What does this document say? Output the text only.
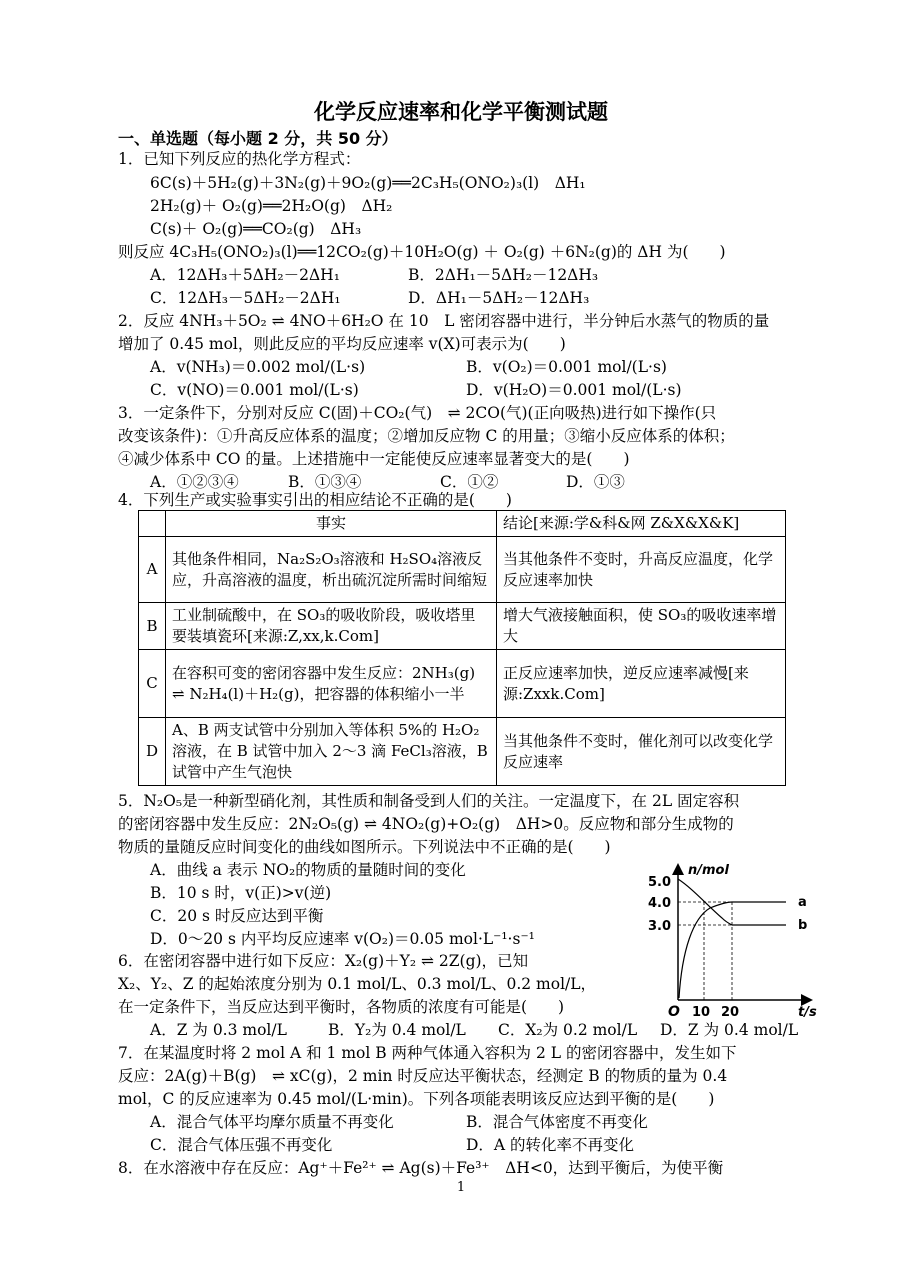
化学反应速率和化学平衡测试题
一、单选题（每小题 2 分，共 50 分）
1．已知下列反应的热化学方程式：
6C(s)＋5H₂(g)＋3N₂(g)＋9O₂(g)══2C₃H₅(ONO₂)₃(l)　ΔH₁
2H₂(g)＋ O₂(g)══2H₂O(g)　ΔH₂
C(s)＋ O₂(g)══CO₂(g)　ΔH₃
则反应 4C₃H₅(ONO₂)₃(l)══12CO₂(g)＋10H₂O(g) ＋ O₂(g) ＋6N₂(g)的 ΔH 为(　　)
A．12ΔH₃＋5ΔH₂－2ΔH₁	B．2ΔH₁－5ΔH₂－12ΔH₃
C．12ΔH₃－5ΔH₂－2ΔH₁	D．ΔH₁－5ΔH₂－12ΔH₃
2．反应 4NH₃＋5O₂ ⇌ 4NO＋6H₂O 在 10　L 密闭容器中进行，半分钟后水蒸气的物质的量
增加了 0.45 mol，则此反应的平均反应速率 v(X)可表示为(　　)
A．v(NH₃)＝0.002 mol/(L·s)	B．v(O₂)＝0.001 mol/(L·s)
C．v(NO)＝0.001 mol/(L·s)	D．v(H₂O)＝0.001 mol/(L·s)
3．一定条件下，分别对反应 C(固)＋CO₂(气)　⇌ 2CO(气)(正向吸热)进行如下操作(只
改变该条件)：①升高反应体系的温度；②增加反应物 C 的用量；③缩小反应体系的体积；
④减少体系中 CO 的量。上述措施中一定能使反应速率显著变大的是(　　)
A．①②③④	B．①③④	C．①②	D．①③
4．下列生产或实验事实引出的相应结论不正确的是(　　)
	事实	结论[来源:学&科&网 Z&X&X&K]
A	其他条件相同，Na₂S₂O₃溶液和 H₂SO₄溶液反应，升高溶液的温度，析出硫沉淀所需时间缩短	当其他条件不变时，升高反应温度，化学反应速率加快
B	工业制硫酸中，在 SO₃的吸收阶段，吸收塔里要装填瓷环[来源:Z,xx,k.Com]	增大气液接触面积，使 SO₃的吸收速率增大
C	在容积可变的密闭容器中发生反应：2NH₃(g) ⇌ N₂H₄(l)＋H₂(g)，把容器的体积缩小一半	正反应速率加快，逆反应速率减慢[来源:Zxxk.Com]
D	A、B 两支试管中分别加入等体积 5%的 H₂O₂溶液，在 B 试管中加入 2～3 滴 FeCl₃溶液，B 试管中产生气泡快	当其他条件不变时，催化剂可以改变化学反应速率
5．N₂O₅是一种新型硝化剂，其性质和制备受到人们的关注。一定温度下，在 2L 固定容积
的密闭容器中发生反应：2N₂O₅(g) ⇌ 4NO₂(g)+O₂(g)　ΔH>0。反应物和部分生成物的
物质的量随反应时间变化的曲线如图所示。下列说法中不正确的是(　　)
A．曲线 a 表示 NO₂的物质的量随时间的变化
B．10 s 时，v(正)>v(逆)
C．20 s 时反应达到平衡
D．0～20 s 内平均反应速率 v(O₂)＝0.05 mol·L⁻¹·s⁻¹
n/mol
t/s
O
5.0
4.0
3.0
10 20
a
b
6．在密闭容器中进行如下反应：X₂(g)＋Y₂ ⇌ 2Z(g)，已知
X₂、Y₂、Z 的起始浓度分别为 0.1 mol/L、0.3 mol/L、0.2 mol/L，
在一定条件下，当反应达到平衡时，各物质的浓度有可能是(　　)
A．Z 为 0.3 mol/L	B．Y₂为 0.4 mol/L C．X₂为 0.2 mol/L D．Z 为 0.4 mol/L
7．在某温度时将 2 mol A 和 1 mol B 两种气体通入容积为 2 L 的密闭容器中，发生如下
反应：2A(g)＋B(g)　⇌ xC(g)，2 min 时反应达平衡状态，经测定 B 的物质的量为 0.4
mol，C 的反应速率为 0.45 mol/(L·min)。下列各项能表明该反应达到平衡的是(　　)
A．混合气体平均摩尔质量不再变化	B．混合气体密度不再变化
C．混合气体压强不再变化	D．A 的转化率不再变化
8．在水溶液中存在反应：Ag⁺＋Fe²⁺ ⇌ Ag(s)＋Fe³⁺　ΔH<0，达到平衡后，为使平衡
1
